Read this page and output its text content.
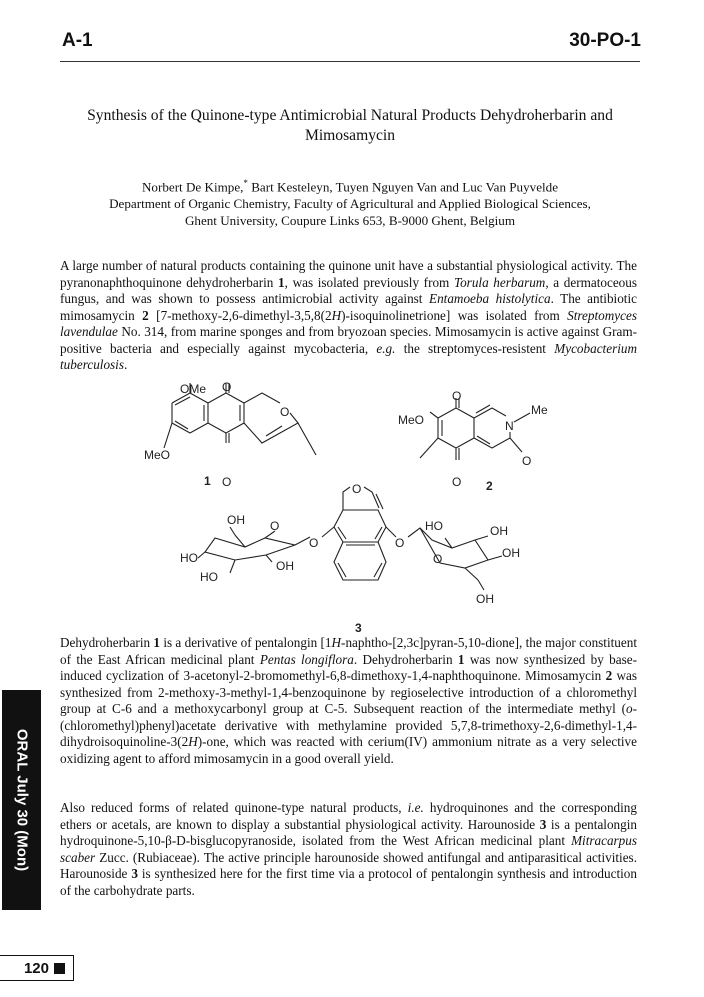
A-1	30-PO-1
Synthesis of the Quinone-type Antimicrobial Natural Products Dehydroherbarin and
Mimosamycin
Norbert De Kimpe,* Bart Kesteleyn, Tuyen Nguyen Van and Luc Van Puyvelde
Department of Organic Chemistry, Faculty of Agricultural and Applied Biological Sciences,
Ghent University, Coupure Links 653, B-9000 Ghent, Belgium
A large number of natural products containing the quinone unit have a substantial physiological activity. The pyranonaphthoquinone dehydroherbarin 1, was isolated previously from Torula herbarum, a dermatoceous fungus, and was shown to possess antimicrobial activity against Entamoeba histolytica. The antibiotic mimosamycin 2 [7-methoxy-2,6-dimethyl-3,5,8(2H)-isoquinolinetrione] was isolated from Streptomyces lavendulae No. 314, from marine sponges and from bryozoan species. Mimosamycin is active against Gram-positive bacteria and especially against mycobacteria, e.g. the streptomyces-resistent Mycobacterium tuberculosis.
OMe O
O
MeO
O
1
MeO
O
N
Me
O
O 2
OH O
HO
HO
OH
O
O
O
HO	OH
OH
O
OH
3
Dehydroherbarin 1 is a derivative of pentalongin [1H-naphtho-[2,3c]pyran-5,10-dione], the major constituent of the East African medicinal plant Pentas longiflora. Dehydroherbarin 1 was now synthesized by base-induced cyclization of 3-acetonyl-2-bromomethyl-6,8-dimethoxy-1,4-naphthoquinone. Mimosamycin 2 was synthesized from 2-methoxy-3-methyl-1,4-benzoquinone by regioselective introduction of a chloromethyl group at C-6 and a methoxycarbonyl group at C-5. Subsequent reaction of the intermediate methyl (o-(chloromethyl)phenyl)acetate derivative with methylamine provided 5,7,8-trimethoxy-2,6-dimethyl-1,4-dihydroisoquinoline-3(2H)-one, which was reacted with cerium(IV) ammonium nitrate as a very selective oxidizing agent to afford mimosamycin in a good overall yield.
Also reduced forms of related quinone-type natural products, i.e. hydroquinones and the corresponding ethers or acetals, are known to display a substantial physiological activity. Harounoside 3 is a pentalongin hydroquinone-5,10-β-D-bisglucopyranoside, isolated from the West African medicinal plant Mitracarpus scaber Zucc. (Rubiaceae). The active principle harounoside showed antifungal and antiparasitical activities. Harounoside 3 is synthesized here for the first time via a protocol of pentalongin synthesis and introduction of the carbohydrate parts.
ORAL July 30 (Mon)
120
